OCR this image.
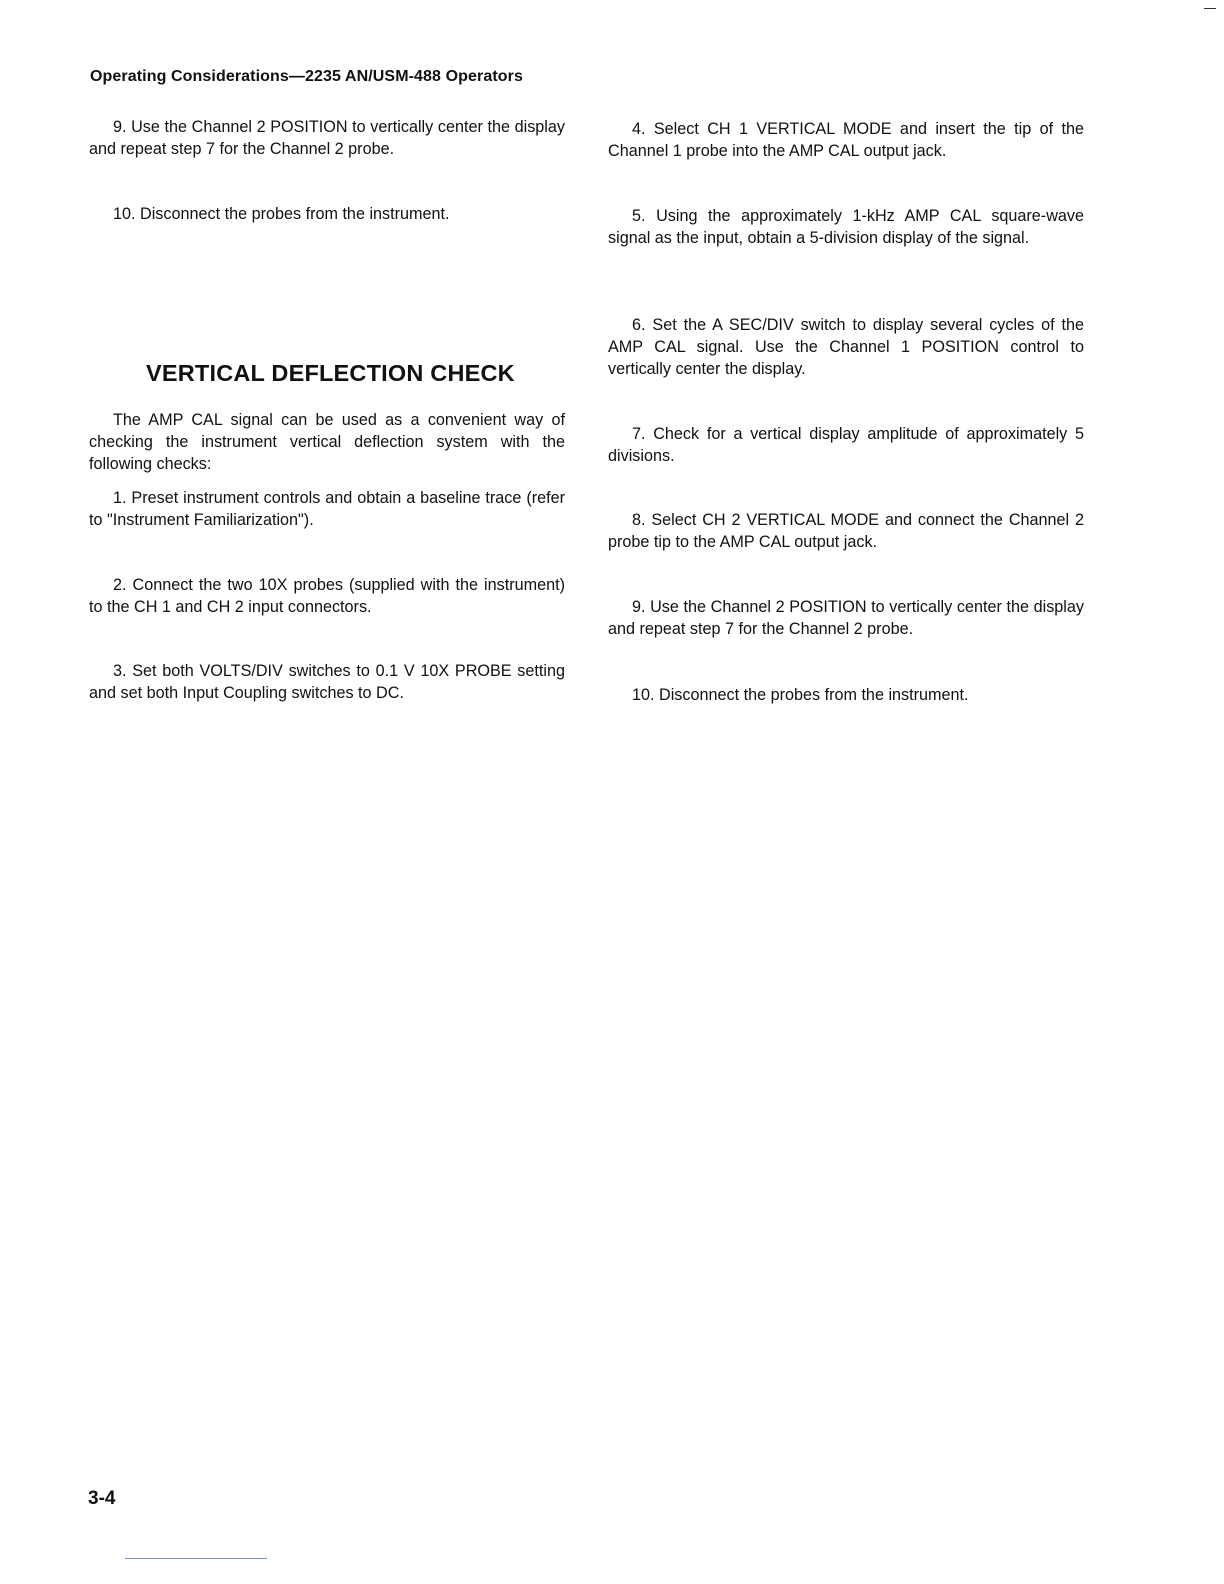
Operating Considerations—2235 AN/USM-488 Operators

9. Use the Channel 2 POSITION to vertically center the display and repeat step 7 for the Channel 2 probe.

10. Disconnect the probes from the instrument.

The AMP CAL signal can be used as a convenient way of checking the instrument vertical deflection system with the following checks:

1. Preset instrument controls and obtain a baseline trace (refer to "Instrument Familiarization").

2. Connect the two 10X probes (supplied with the instrument) to the CH 1 and CH 2 input connectors.

3. Set both VOLTS/DIV switches to 0.1 V 10X PROBE setting and set both Input Coupling switches to DC.

VERTICAL DEFLECTION CHECK

4. Select CH 1 VERTICAL MODE and insert the tip of the Channel 1 probe into the AMP CAL output jack.

5. Using the approximately 1-kHz AMP CAL square-wave signal as the input, obtain a 5-division display of the signal.

6. Set the A SEC/DIV switch to display several cycles of the AMP CAL signal. Use the Channel 1 POSITION control to vertically center the display.

7. Check for a vertical display amplitude of approximately 5 divisions.

8. Select CH 2 VERTICAL MODE and connect the Channel 2 probe tip to the AMP CAL output jack.

9. Use the Channel 2 POSITION to vertically center the display and repeat step 7 for the Channel 2 probe.

10. Disconnect the probes from the instrument.

3-4
